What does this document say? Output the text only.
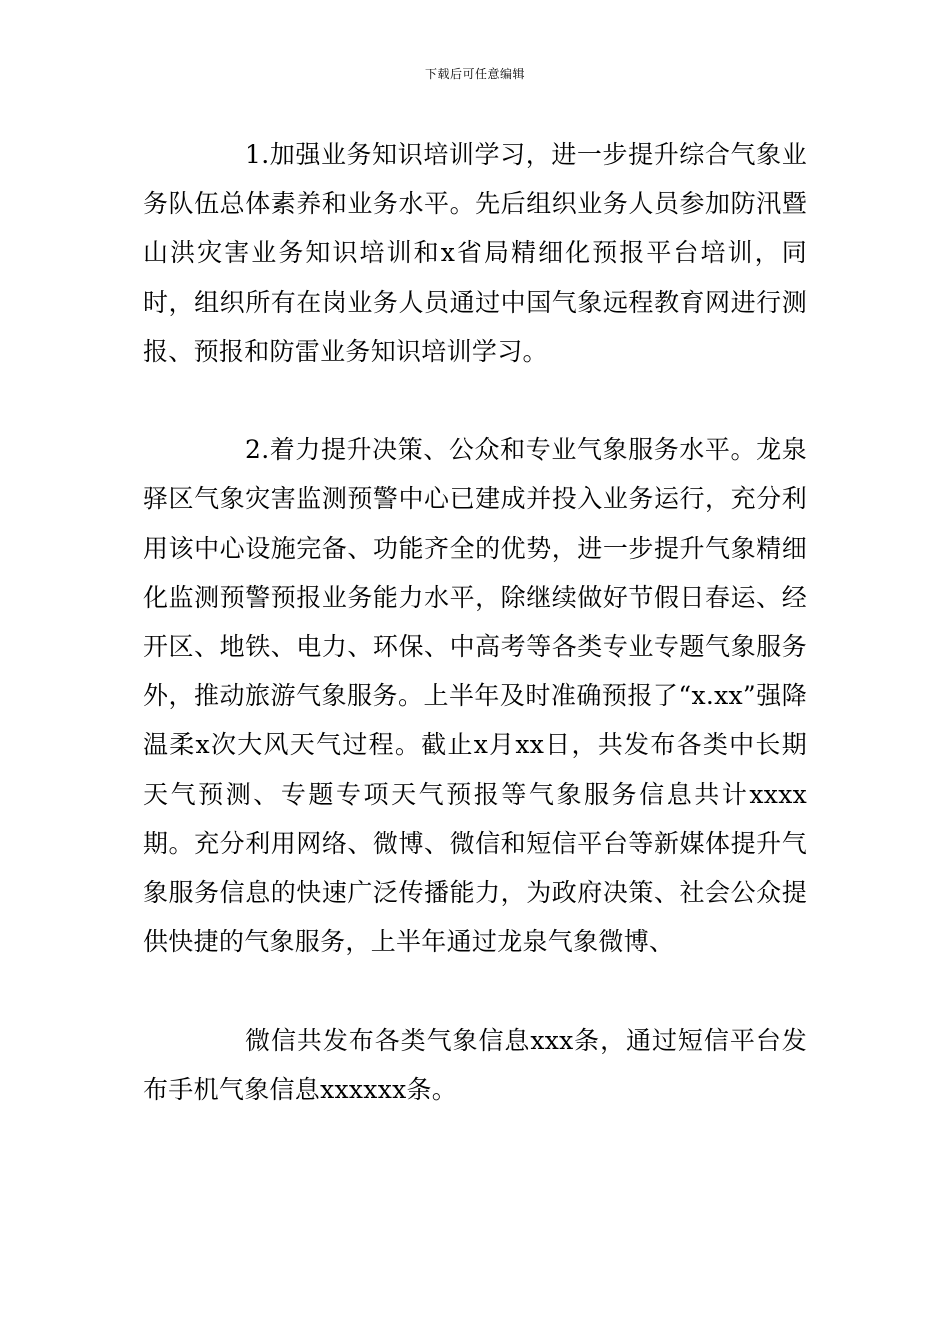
下载后可任意编辑

1.加强业务知识培训学习，进一步提升综合气象业务队伍总体素养和业务水平。先后组织业务人员参加防汛暨山洪灾害业务知识培训和x省局精细化预报平台培训，同时，组织所有在岗业务人员通过中国气象远程教育网进行测报、预报和防雷业务知识培训学习。

2.着力提升决策、公众和专业气象服务水平。龙泉驿区气象灾害监测预警中心已建成并投入业务运行，充分利用该中心设施完备、功能齐全的优势，进一步提升气象精细化监测预警预报业务能力水平，除继续做好节假日春运、经开区、地铁、电力、环保、中高考等各类专业专题气象服务外，推动旅游气象服务。上半年及时准确预报了“x.xx”强降温柔x次大风天气过程。截止x月xx日，共发布各类中长期天气预测、专题专项天气预报等气象服务信息共计xxxx期。充分利用网络、微博、微信和短信平台等新媒体提升气象服务信息的快速广泛传播能力，为政府决策、社会公众提供快捷的气象服务，上半年通过龙泉气象微博、

微信共发布各类气象信息xxx条，通过短信平台发布手机气象信息xxxxxx条。
